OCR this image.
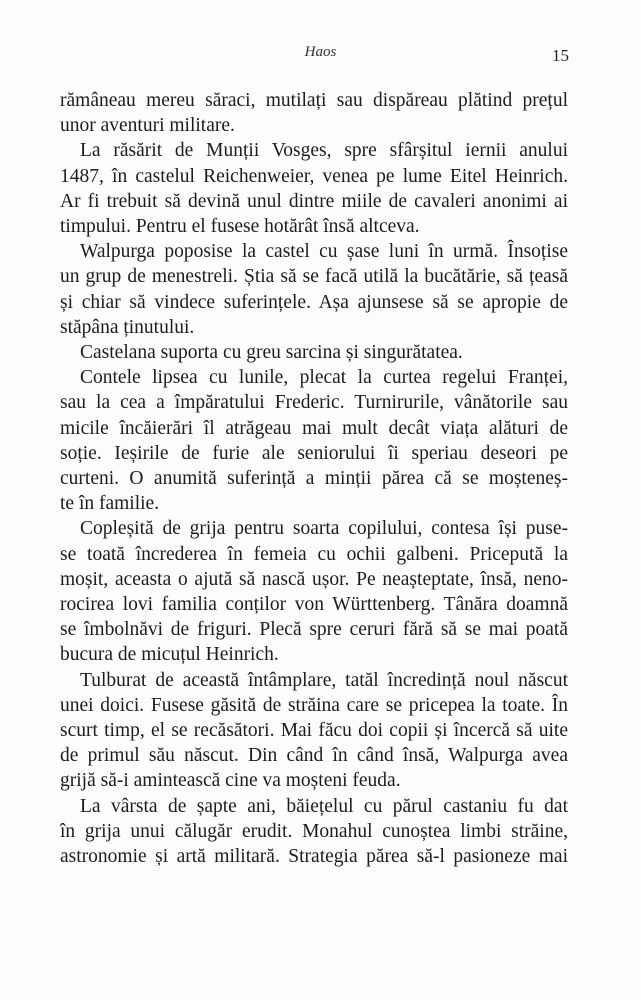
Haos	15
rămâneau mereu săraci, mutilați sau dispăreau plătind prețul
unor aventuri militare.
La răsărit de Munții Vosges, spre sfârșitul iernii anului
1487, în castelul Reichenweier, venea pe lume Eitel Heinrich.
Ar fi trebuit să devină unul dintre miile de cavaleri anonimi ai
timpului. Pentru el fusese hotărât însă altceva.
Walpurga poposise la castel cu șase luni în urmă. Însoțise
un grup de menestreli. Știa să se facă utilă la bucătărie, să țeasă
și chiar să vindece suferințele. Așa ajunsese să se apropie de
stăpâna ținutului.
Castelana suporta cu greu sarcina și singurătatea.
Contele lipsea cu lunile, plecat la curtea regelui Franței,
sau la cea a împăratului Frederic. Turnirurile, vânătorile sau
micile încăierări îl atrăgeau mai mult decât viața alături de
soție. Ieșirile de furie ale seniorului îi speriau deseori pe
curteni. O anumită suferință a minții părea că se moșteneș-
te în familie.
Copleșită de grija pentru soarta copilului, contesa își puse-
se toată încrederea în femeia cu ochii galbeni. Pricepută la
moșit, aceasta o ajută să nască ușor. Pe neașteptate, însă, neno-
rocirea lovi familia conților von Württenberg. Tânăra doamnă
se îmbolnăvi de friguri. Plecă spre ceruri fără să se mai poată
bucura de micuțul Heinrich.
Tulburat de această întâmplare, tatăl încredință noul născut
unei doici. Fusese găsită de străina care se pricepea la toate. În
scurt timp, el se recăsători. Mai făcu doi copii și încercă să uite
de primul său născut. Din când în când însă, Walpurga avea
grijă să-i amintească cine va moșteni feuda.
La vârsta de șapte ani, băiețelul cu părul castaniu fu dat
în grija unui călugăr erudit. Monahul cunoștea limbi străine,
astronomie și artă militară. Strategia părea să-l pasioneze mai
